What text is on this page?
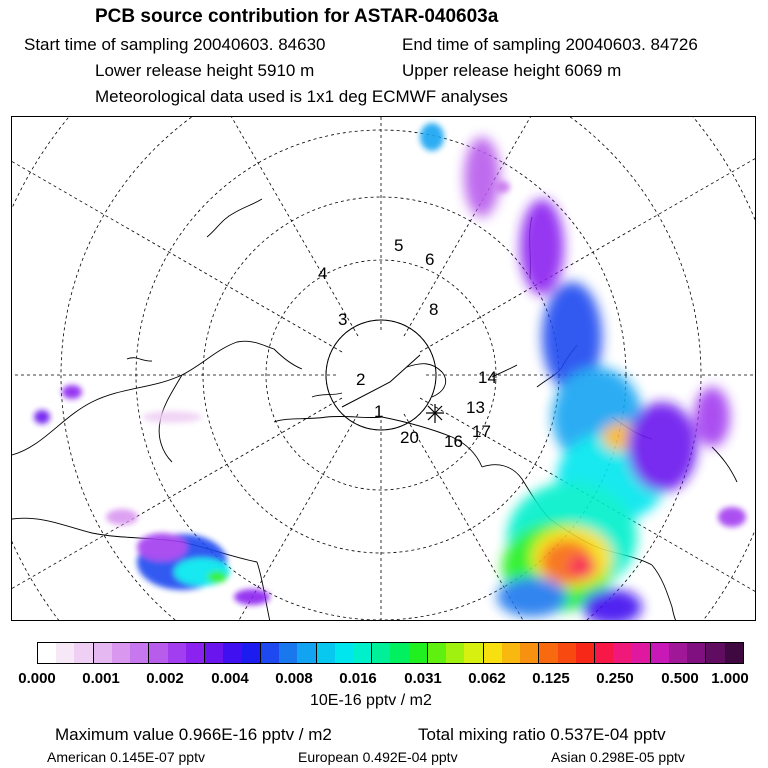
PCB source contribution for ASTAR-040603a
Start time of sampling 20040603. 84630	End time of sampling 20040603. 84726
Lower release height 5910 m	Upper release height 6069 m
Meteorological data used is 1x1 deg ECMWF analyses
5
6
4
3
8
2
1	13
14
20 16
17
0.000 0.001 0.002 0.004 0.008 0.016 0.031 0.062 0.125 0.250 0.500 1.000
10E-16 pptv / m2
Maximum value 0.966E-16 pptv / m2	Total mixing ratio 0.537E-04 pptv
American 0.145E-07 pptv	European 0.492E-04 pptv	Asian 0.298E-05 pptv
